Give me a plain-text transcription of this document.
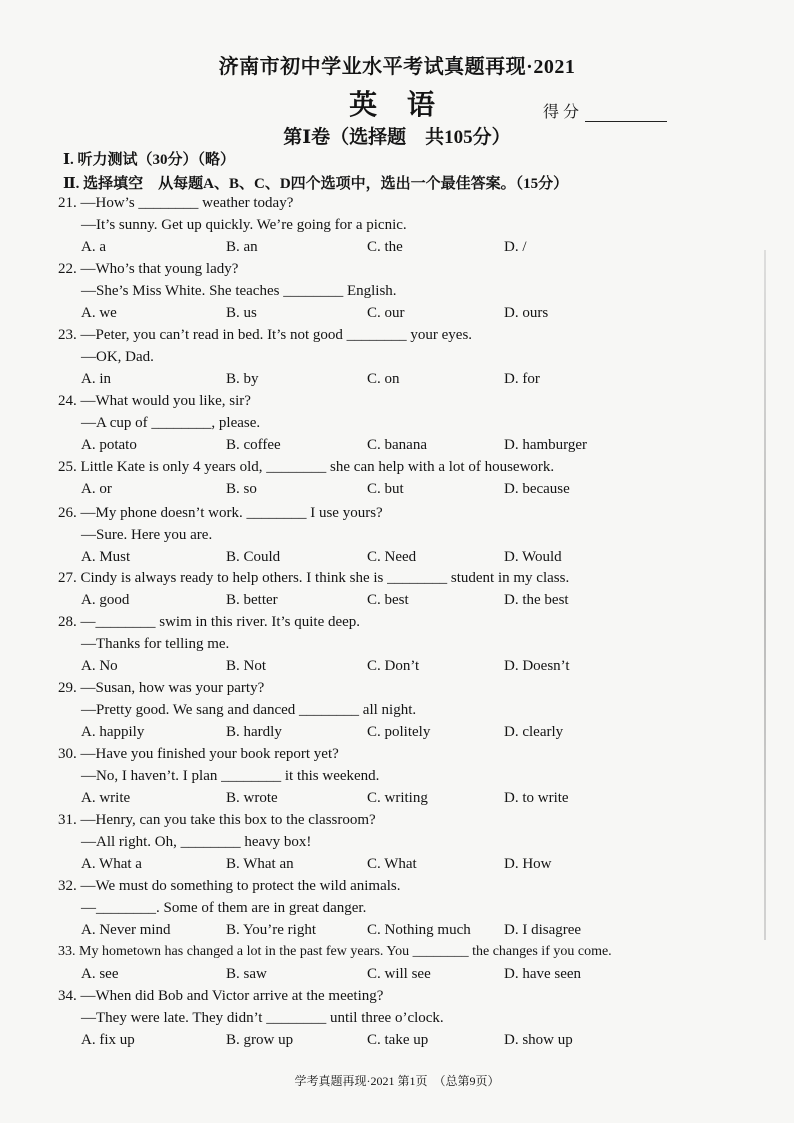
济南市初中学业水平考试真题再现·2021
英 语	得 分
第Ⅰ卷（选择题　共105分）
Ⅰ. 听力测试（30分）（略）
Ⅱ. 选择填空　从每题A、B、C、D四个选项中，选出一个最佳答案。（15分）
21. —How’s ________ weather today?
—It’s sunny. Get up quickly. We’re going for a picnic.
A. a	B. an	C. the	D. /
22. —Who’s that young lady?
—She’s Miss White. She teaches ________ English.
A. we	B. us	C. our	D. ours
23. —Peter, you can’t read in bed. It’s not good ________ your eyes.
—OK, Dad.
A. in	B. by	C. on	D. for
24. —What would you like, sir?
—A cup of ________, please.
A. potato	B. coffee	C. banana	D. hamburger
25. Little Kate is only 4 years old, ________ she can help with a lot of housework.
A. or	B. so	C. but	D. because
26. —My phone doesn’t work. ________ I use yours?
—Sure. Here you are.
A. Must	B. Could	C. Need	D. Would
27. Cindy is always ready to help others. I think she is ________ student in my class.
A. good	B. better	C. best	D. the best
28. —________ swim in this river. It’s quite deep.
—Thanks for telling me.
A. No	B. Not	C. Don’t	D. Doesn’t
29. —Susan, how was your party?
—Pretty good. We sang and danced ________ all night.
A. happily	B. hardly	C. politely	D. clearly
30. —Have you finished your book report yet?
—No, I haven’t. I plan ________ it this weekend.
A. write	B. wrote	C. writing	D. to write
31. —Henry, can you take this box to the classroom?
—All right. Oh, ________ heavy box!
A. What a	B. What an	C. What	D. How
32. —We must do something to protect the wild animals.
—________. Some of them are in great danger.
A. Never mind	B. You’re right	C. Nothing much D. I disagree
33. My hometown has changed a lot in the past few years. You ________ the changes if you come.
A. see	B. saw	C. will see	D. have seen
34. —When did Bob and Victor arrive at the meeting?
—They were late. They didn’t ________ until three o’clock.
A. fix up	B. grow up	C. take up	D. show up
学考真题再现·2021 第1页　（总第9页）
